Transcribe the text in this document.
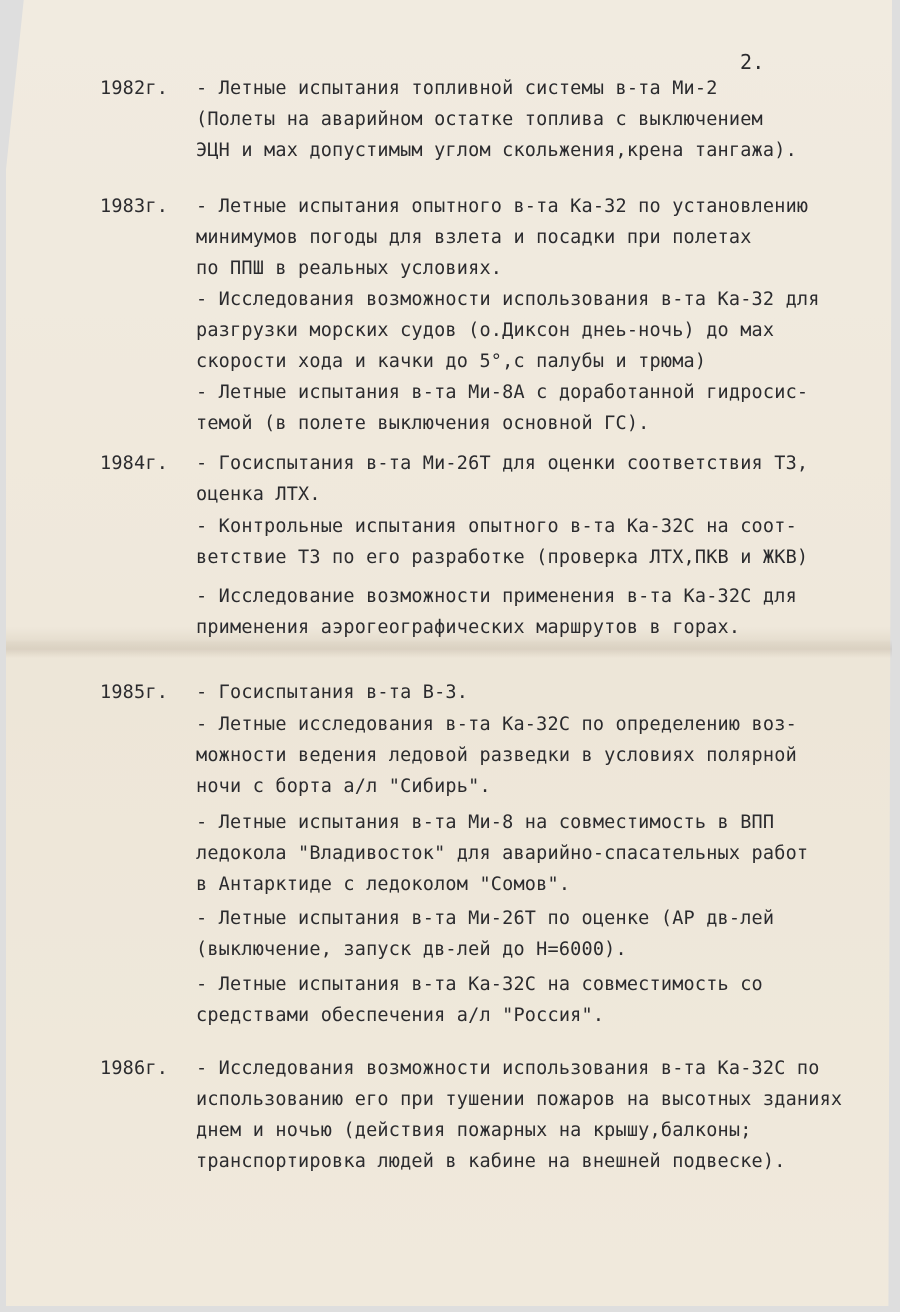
2.
1982г. - Летные испытания топливной системы в-та Ми-2
(Полеты на аварийном остатке топлива с выключением
ЭЦН и мах допустимым углом скольжения,крена тангажа).
1983г. - Летные испытания опытного в-та Ка-32 по установлению
минимумов погоды для взлета и посадки при полетах
по ППШ в реальных условиях.
- Исследования возможности использования в-та Ка-32 для
разгрузки морских судов (о.Диксон днеь-ночь) до мах
скорости хода и качки до 5°,с палубы и трюма)
- Летные испытания в-та Ми-8А с доработанной гидросис-
темой (в полете выключения основной ГС).
1984г. - Госиспытания в-та Ми-26Т для оценки соответствия ТЗ,
оценка ЛТХ.
- Контрольные испытания опытного в-та Ка-32С на соот-
ветствие ТЗ по его разработке (проверка ЛТХ,ПКВ и ЖКВ)
- Исследование возможности применения в-та Ка-32С для
применения аэрогеографических маршрутов в горах.
1985г. - Госиспытания в-та В-3.
- Летные исследования в-та Ка-32С по определению воз-
можности ведения ледовой разведки в условиях полярной
ночи с борта а/л "Сибирь".
- Летные испытания в-та Ми-8 на совместимость в ВПП
ледокола "Владивосток" для аварийно-спасательных работ
в Антарктиде с ледоколом "Сомов".
- Летные испытания в-та Ми-26Т по оценке (АР дв-лей
(выключение, запуск дв-лей до Н=6000).
- Летные испытания в-та Ка-32С на совместимость со
средствами обеспечения а/л "Россия".
1986г. - Исследования возможности использования в-та Ка-32С по
использованию его при тушении пожаров на высотных зданиях
днем и ночью (действия пожарных на крышу,балконы;
транспортировка людей в кабине на внешней подвеске).
